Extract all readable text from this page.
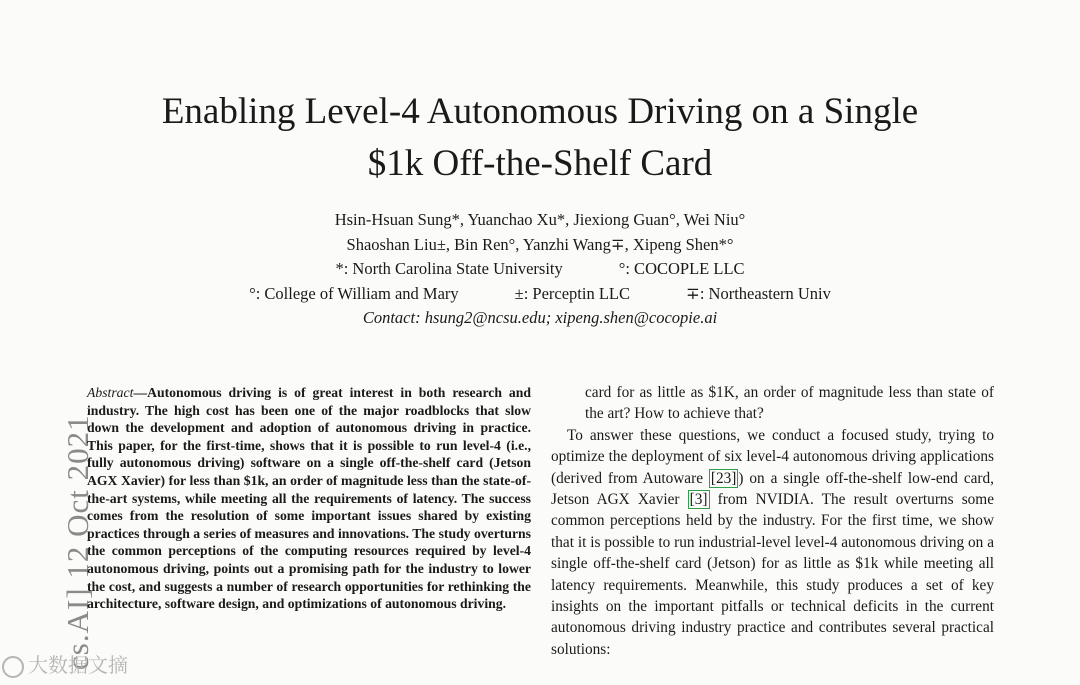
Enabling Level-4 Autonomous Driving on a Single
$1k Off-the-Shelf Card
Hsin-Hsuan Sung*, Yuanchao Xu*, Jiexiong Guan°, Wei Niu°
Shaoshan Liu±, Bin Ren°, Yanzhi Wang∓, Xipeng Shen*°
*: North Carolina State University	°: COCOPLE LLC
°: College of William and Mary	±: Perceptin LLC	∓: Northeastern Univ
Contact: hsung2@ncsu.edu; xipeng.shen@cocopie.ai
cs.AI] 12 Oct 2021

Abstract—Autonomous driving is of great interest in both research and industry. The high cost has been one of the major roadblocks that slow down the development and adoption of autonomous driving in practice. This paper, for the first-time, shows that it is possible to run level-4 (i.e., fully autonomous driving) software on a single off-the-shelf card (Jetson AGX Xavier) for less than $1k, an order of magnitude less than the state-of-the-art systems, while meeting all the requirements of latency. The success comes from the resolution of some important issues shared by existing practices through a series of measures and innovations. The study overturns the common perceptions of the computing resources required by level-4 autonomous driving, points out a promising path for the industry to lower the cost, and suggests a number of research opportunities for rethinking the architecture, software design, and optimizations of autonomous driving.

card for as little as $1K, an order of magnitude less than state of the art? How to achieve that?

To answer these questions, we conduct a focused study, trying to optimize the deployment of six level-4 autonomous driving applications (derived from Autoware [23] ) on a single off-the-shelf low-end card, Jetson AGX Xavier [3] from NVIDIA. The result overturns some common perceptions held by the industry. For the first time, we show that it is possible to run industrial-level level-4 autonomous driving on a single off-the-shelf card (Jetson) for as little as $1k while meeting all latency requirements. Meanwhile, this study produces a set of key insights on the important pitfalls or technical deficits in the current autonomous driving industry practice and contributes several practical solutions:

大数据文摘
